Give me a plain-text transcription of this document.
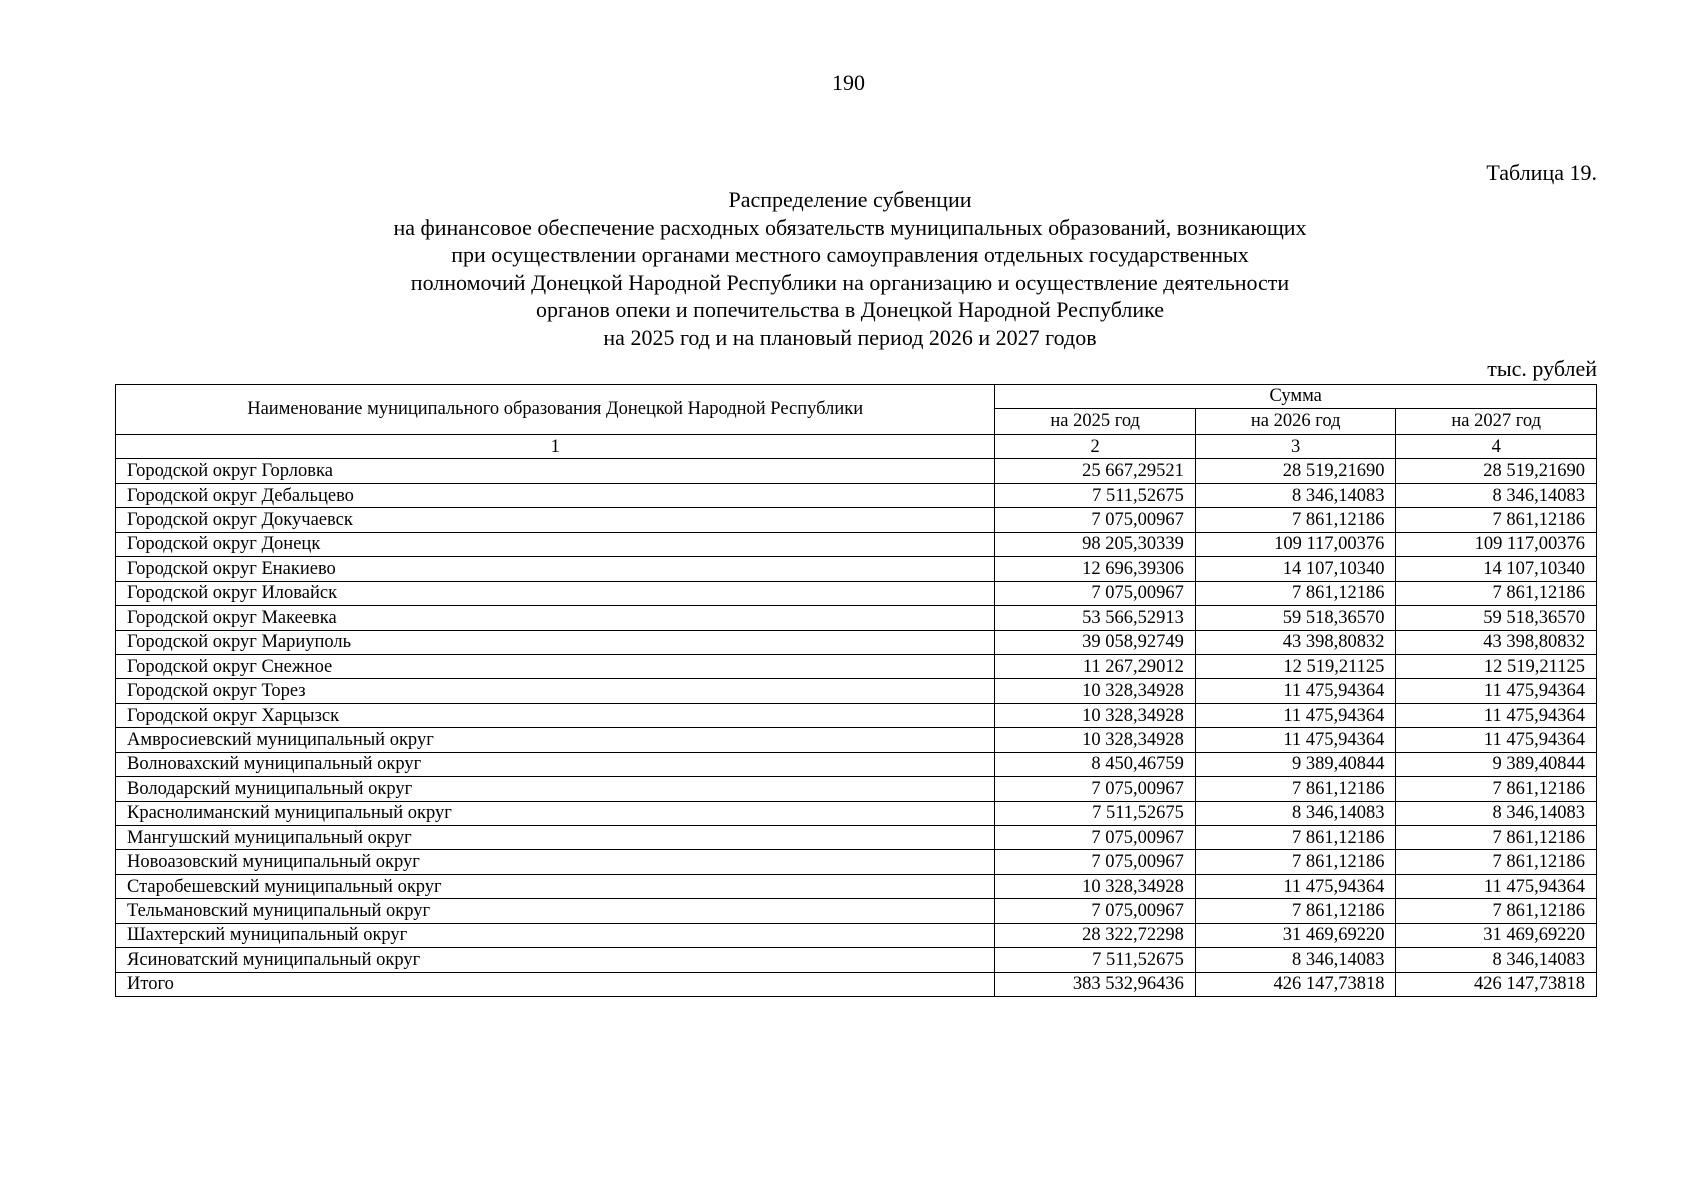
190
Таблица 19.
Распределение субвенции
на финансовое обеспечение расходных обязательств муниципальных образований, возникающих
при осуществлении органами местного самоуправления отдельных государственных
полномочий Донецкой Народной Республики на организацию и осуществление деятельности
органов опеки и попечительства в Донецкой Народной Республике
на 2025 год и на плановый период 2026 и 2027 годов
тыс. рублей
Наименование муниципального образования Донецкой Народной Республики	Сумма		
	на 2025 год	на 2026 год	на 2027 год
1	2	3	4
Городской округ Горловка	25 667,29521	28 519,21690	28 519,21690
Городской округ Дебальцево	7 511,52675	8 346,14083	8 346,14083
Городской округ Докучаевск	7 075,00967	7 861,12186	7 861,12186
Городской округ Донецк	98 205,30339	109 117,00376	109 117,00376
Городской округ Енакиево	12 696,39306	14 107,10340	14 107,10340
Городской округ Иловайск	7 075,00967	7 861,12186	7 861,12186
Городской округ Макеевка	53 566,52913	59 518,36570	59 518,36570
Городской округ Мариуполь	39 058,92749	43 398,80832	43 398,80832
Городской округ Снежное	11 267,29012	12 519,21125	12 519,21125
Городской округ Торез	10 328,34928	11 475,94364	11 475,94364
Городской округ Харцызск	10 328,34928	11 475,94364	11 475,94364
Амвросиевский муниципальный округ	10 328,34928	11 475,94364	11 475,94364
Волновахский муниципальный округ	8 450,46759	9 389,40844	9 389,40844
Володарский муниципальный округ	7 075,00967	7 861,12186	7 861,12186
Краснолиманский муниципальный округ	7 511,52675	8 346,14083	8 346,14083
Мангушский муниципальный округ	7 075,00967	7 861,12186	7 861,12186
Новоазовский муниципальный округ	7 075,00967	7 861,12186	7 861,12186
Старобешевский муниципальный округ	10 328,34928	11 475,94364	11 475,94364
Тельмановский муниципальный округ	7 075,00967	7 861,12186	7 861,12186
Шахтерский муниципальный округ	28 322,72298	31 469,69220	31 469,69220
Ясиноватский муниципальный округ	7 511,52675	8 346,14083	8 346,14083
Итого	383 532,96436	426 147,73818	426 147,73818
